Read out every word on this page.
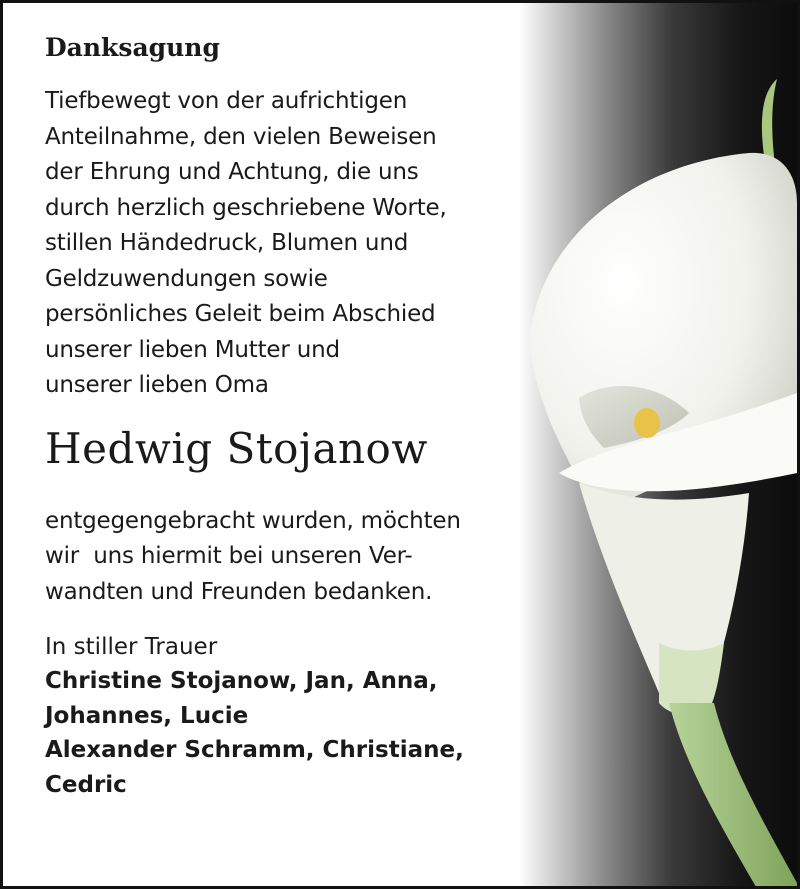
Danksagung
Tiefbewegt von der aufrichtigen
Anteilnahme, den vielen Beweisen
der Ehrung und Achtung, die uns
durch herzlich geschriebene Worte,
stillen Händedruck, Blumen und
Geldzuwendungen sowie
persönliches Geleit beim Abschied
unserer lieben Mutter und
unserer lieben Oma
Hedwig Stojanow
entgegengebracht wurden, möchten
wir  uns hiermit bei unseren Ver-
wandten und Freunden bedanken.
In stiller Trauer
Christine Stojanow, Jan, Anna,
Johannes, Lucie
Alexander Schramm, Christiane,
Cedric
